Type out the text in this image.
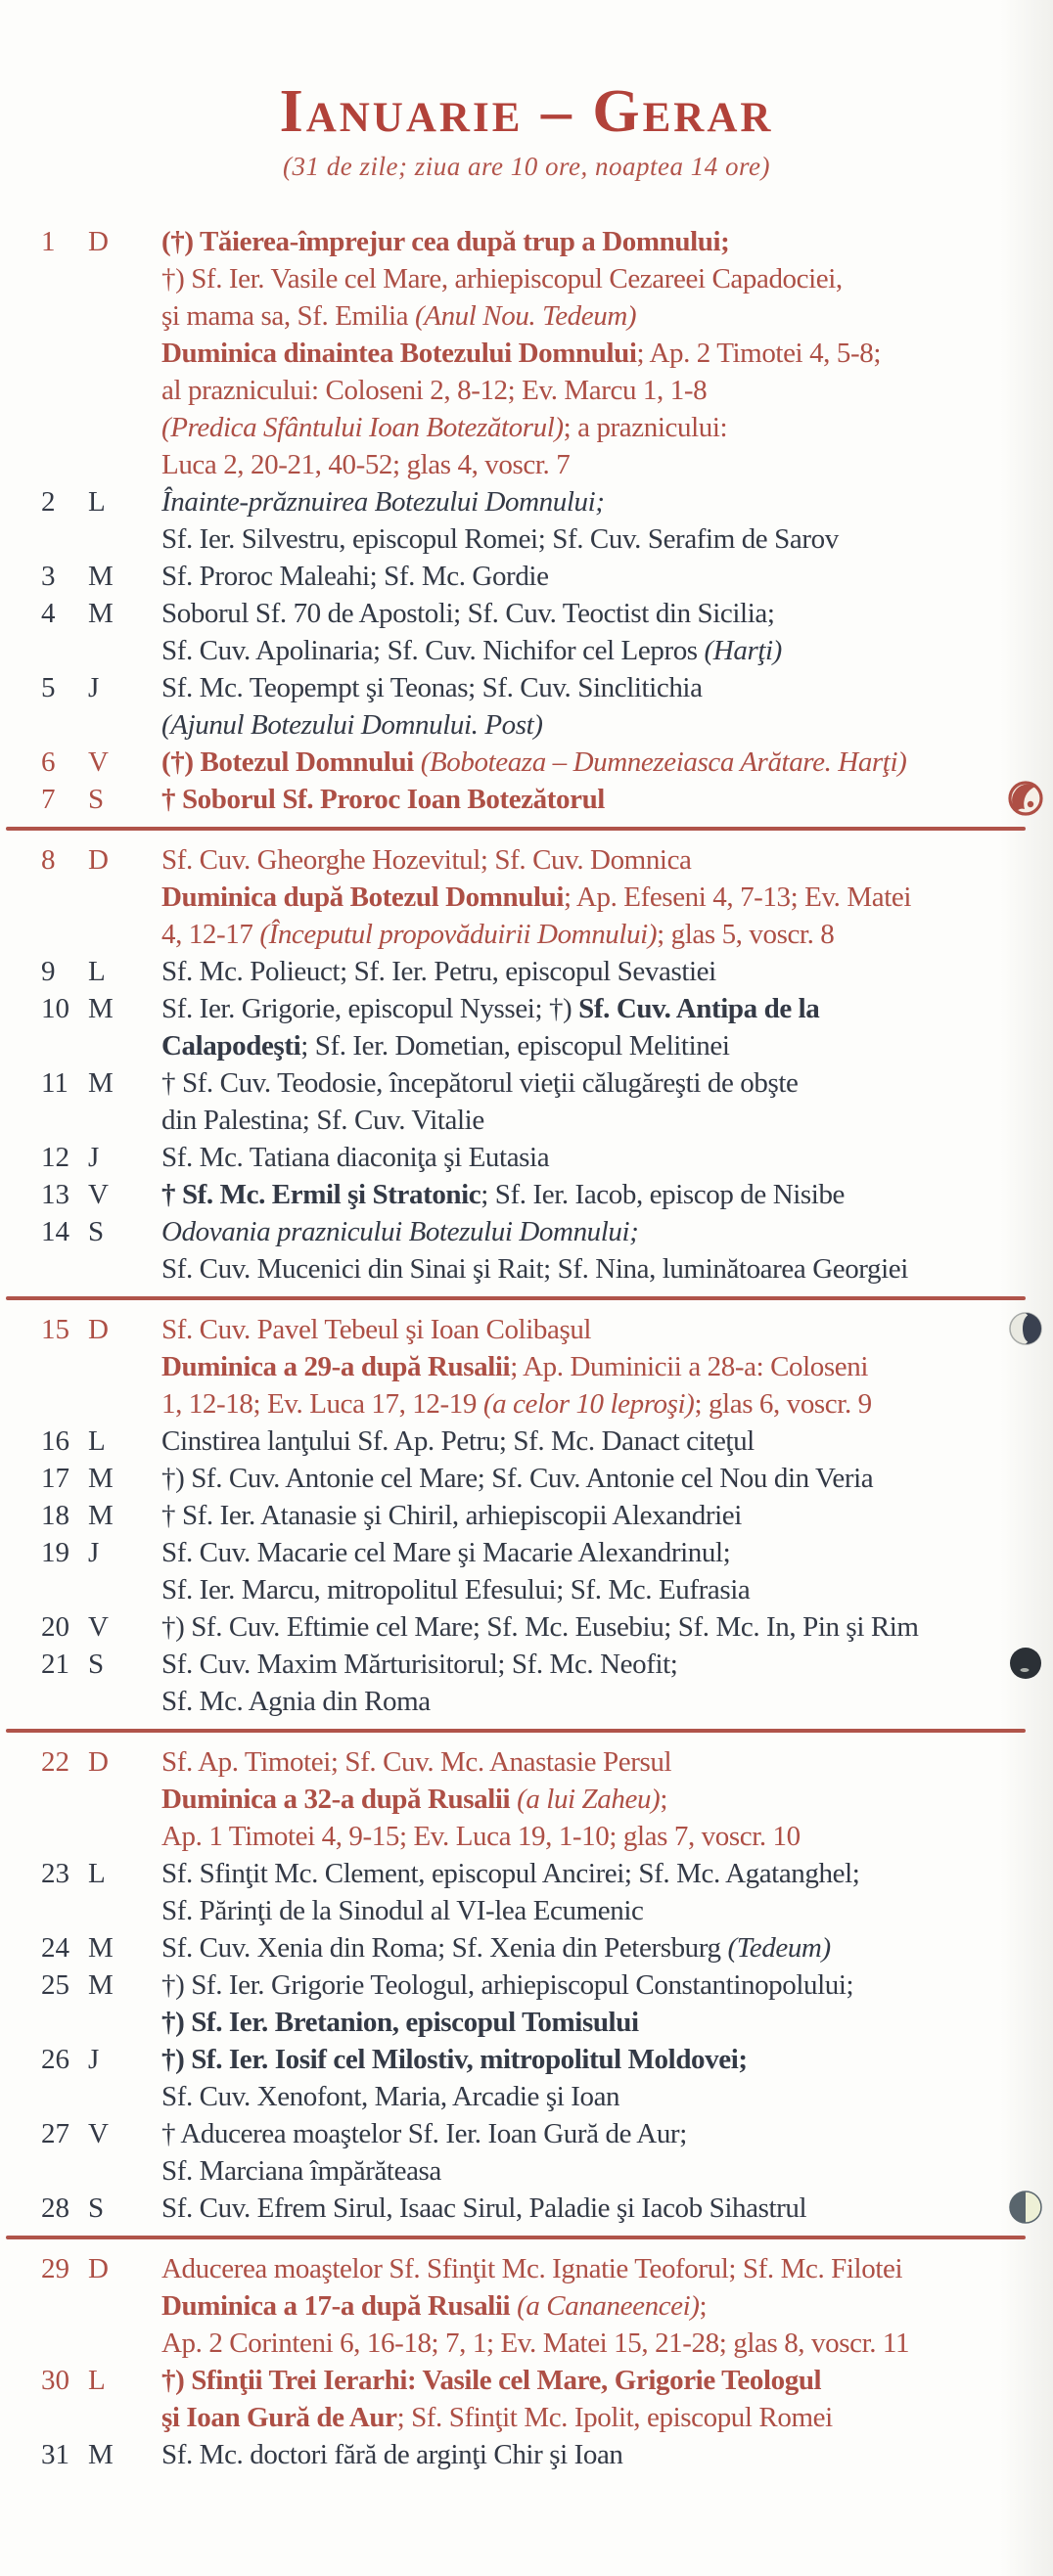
Ianuarie – Gerar
(31 de zile; ziua are 10 ore, noaptea 14 ore)
1 D	(†) Tăierea-împrejur cea după trup a Domnului;
†) Sf. Ier. Vasile cel Mare, arhiepiscopul Cezareei Capadociei,
şi mama sa, Sf. Emilia (Anul Nou. Tedeum)
Duminica dinaintea Botezului Domnului; Ap. 2 Timotei 4, 5-8;
al praznicului: Coloseni 2, 8-12; Ev. Marcu 1, 1-8
(Predica Sfântului Ioan Botezătorul); a praznicului:
Luca 2, 20-21, 40-52; glas 4, voscr. 7
2 L	Înainte-prăznuirea Botezului Domnului;
Sf. Ier. Silvestru, episcopul Romei; Sf. Cuv. Serafim de Sarov
3 M	Sf. Proroc Maleahi; Sf. Mc. Gordie
4 M	Soborul Sf. 70 de Apostoli; Sf. Cuv. Teoctist din Sicilia;
Sf. Cuv. Apolinaria; Sf. Cuv. Nichifor cel Lepros (Harţi)
5 J	Sf. Mc. Teopempt şi Teonas; Sf. Cuv. Sinclitichia
(Ajunul Botezului Domnului. Post)
6 V	(†) Botezul Domnului (Boboteaza – Dumnezeiasca Arătare. Harţi)
7 S	† Soborul Sf. Proroc Ioan Botezătorul
8 D	Sf. Cuv. Gheorghe Hozevitul; Sf. Cuv. Domnica
Duminica după Botezul Domnului; Ap. Efeseni 4, 7-13; Ev. Matei
4, 12-17 (Începutul propovăduirii Domnului); glas 5, voscr. 8
9 L	Sf. Mc. Polieuct; Sf. Ier. Petru, episcopul Sevastiei
10 M	Sf. Ier. Grigorie, episcopul Nyssei; †) Sf. Cuv. Antipa de la
Calapodeşti; Sf. Ier. Dometian, episcopul Melitinei
11 M	† Sf. Cuv. Teodosie, începătorul vieţii călugăreşti de obşte
din Palestina; Sf. Cuv. Vitalie
12 J	Sf. Mc. Tatiana diaconiţa şi Eutasia
13 V	† Sf. Mc. Ermil şi Stratonic; Sf. Ier. Iacob, episcop de Nisibe
14 S	Odovania praznicului Botezului Domnului;
Sf. Cuv. Mucenici din Sinai şi Rait; Sf. Nina, luminătoarea Georgiei
15 D	Sf. Cuv. Pavel Tebeul şi Ioan Colibaşul
Duminica a 29-a după Rusalii; Ap. Duminicii a 28-a: Coloseni
1, 12-18; Ev. Luca 17, 12-19 (a celor 10 leproşi); glas 6, voscr. 9
16 L	Cinstirea lanţului Sf. Ap. Petru; Sf. Mc. Danact citeţul
17 M	†) Sf. Cuv. Antonie cel Mare; Sf. Cuv. Antonie cel Nou din Veria
18 M	† Sf. Ier. Atanasie şi Chiril, arhiepiscopii Alexandriei
19 J	Sf. Cuv. Macarie cel Mare şi Macarie Alexandrinul;
Sf. Ier. Marcu, mitropolitul Efesului; Sf. Mc. Eufrasia
20 V	†) Sf. Cuv. Eftimie cel Mare; Sf. Mc. Eusebiu; Sf. Mc. In, Pin şi Rim
21 S	Sf. Cuv. Maxim Mărturisitorul; Sf. Mc. Neofit;
Sf. Mc. Agnia din Roma
22 D	Sf. Ap. Timotei; Sf. Cuv. Mc. Anastasie Persul
Duminica a 32-a după Rusalii (a lui Zaheu);
Ap. 1 Timotei 4, 9-15; Ev. Luca 19, 1-10; glas 7, voscr. 10
23 L	Sf. Sfinţit Mc. Clement, episcopul Ancirei; Sf. Mc. Agatanghel;
Sf. Părinţi de la Sinodul al VI-lea Ecumenic
24 M	Sf. Cuv. Xenia din Roma; Sf. Xenia din Petersburg (Tedeum)
25 M	†) Sf. Ier. Grigorie Teologul, arhiepiscopul Constantinopolului;
†) Sf. Ier. Bretanion, episcopul Tomisului
26 J	†) Sf. Ier. Iosif cel Milostiv, mitropolitul Moldovei;
Sf. Cuv. Xenofont, Maria, Arcadie şi Ioan
27 V	† Aducerea moaştelor Sf. Ier. Ioan Gură de Aur;
Sf. Marciana împărăteasa
28 S	Sf. Cuv. Efrem Sirul, Isaac Sirul, Paladie şi Iacob Sihastrul
29 D	Aducerea moaştelor Sf. Sfinţit Mc. Ignatie Teoforul; Sf. Mc. Filotei
Duminica a 17-a după Rusalii (a Cananeencei);
Ap. 2 Corinteni 6, 16-18; 7, 1; Ev. Matei 15, 21-28; glas 8, voscr. 11
30 L	†) Sfinţii Trei Ierarhi: Vasile cel Mare, Grigorie Teologul
şi Ioan Gură de Aur; Sf. Sfinţit Mc. Ipolit, episcopul Romei
31 M	Sf. Mc. doctori fără de arginţi Chir şi Ioan
